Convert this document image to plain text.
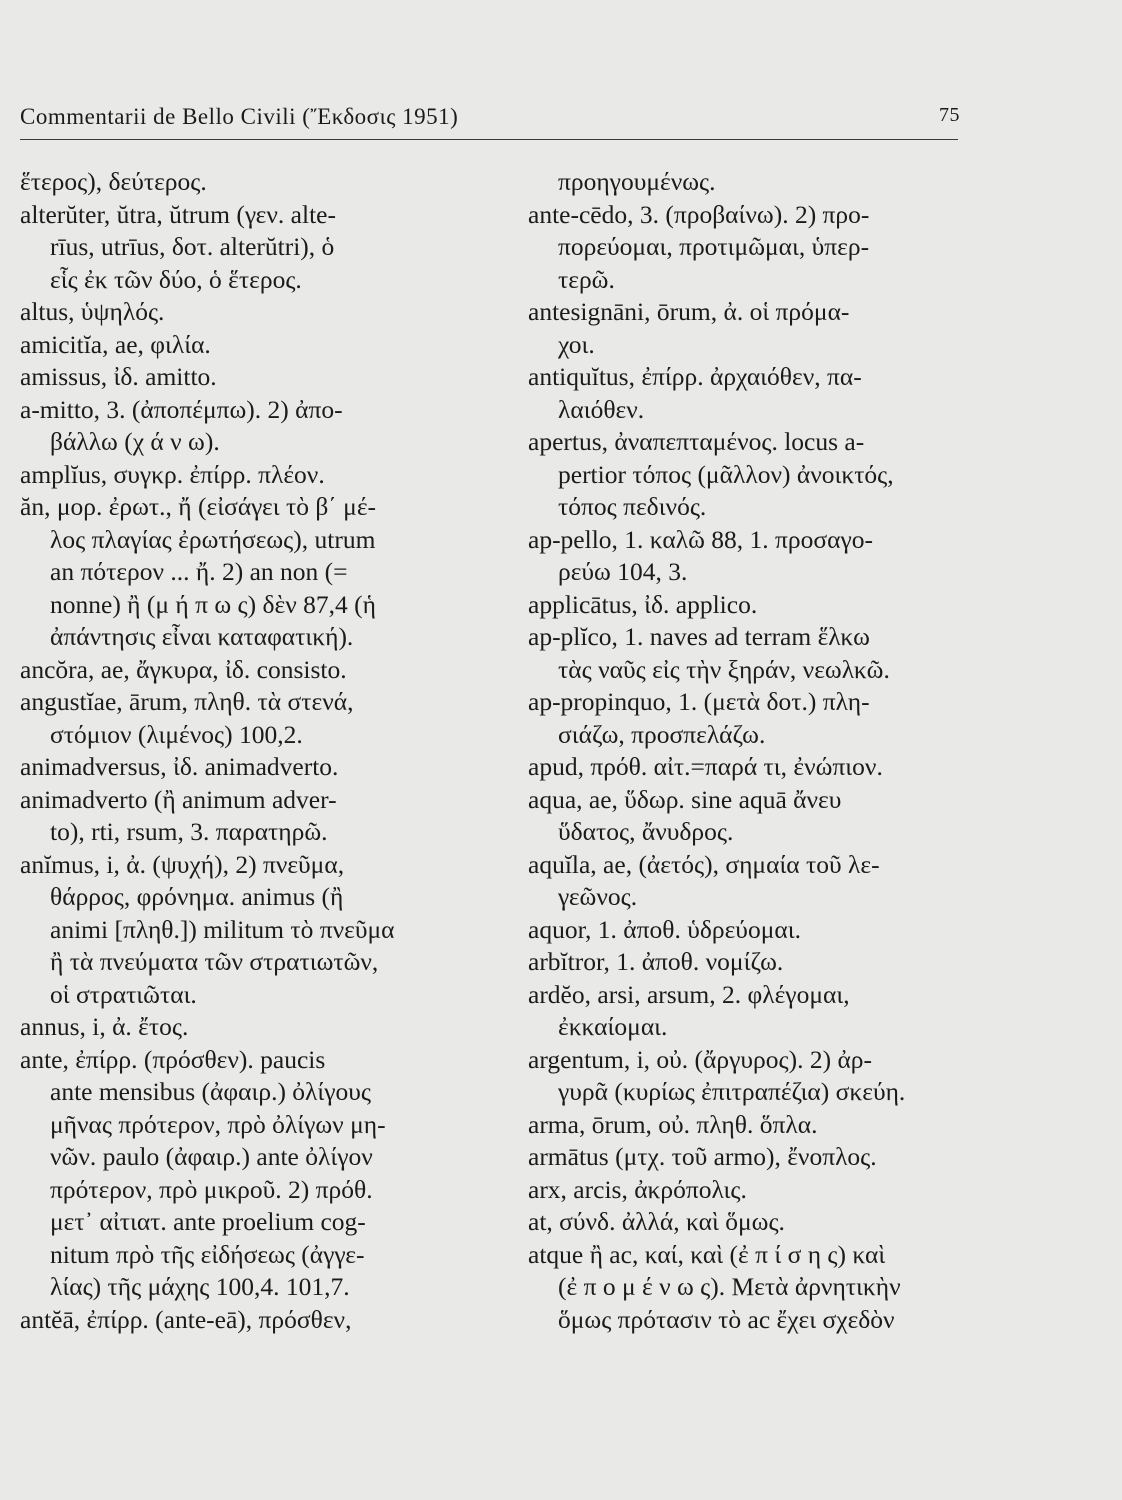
Commentarii de Bello Civili (Ἔκδοσις 1951)	75
ἕτερος), δεύτερος.
alterŭter, ŭtra, ŭtrum (γεν. alte-
rīus, utrīus, δοτ. alterŭtri), ὁ
εἷς ἐκ τῶν δύο, ὁ ἕτερος.
altus, ὑψηλός.
amicitĭa, ae, φιλία.
amissus, ἰδ. amitto.
a-mitto, 3. (ἀποπέμπω). 2) ἀπο-
βάλλω (χ ά ν ω).
amplĭus, συγκρ. ἐπίρρ. πλέον.
ăn, μορ. ἐρωτ., ἤ (εἰσάγει τὸ β΄ μέ-
λος πλαγίας ἐρωτήσεως), utrum
an πότερον ... ἤ. 2) an non (=
nonne) ἢ (μ ή π ω ς) δὲν 87,4 (ἡ
ἀπάντησις εἶναι καταφατική).
ancŏra, ae, ἄγκυρα, ἰδ. consisto.
angustĭae, ārum, πληθ. τὰ στενά,
στόμιον (λιμένος) 100,2.
animadversus, ἰδ. animadverto.
animadverto (ἢ animum adver-
to), rti, rsum, 3. παρατηρῶ.
anĭmus, i, ἀ. (ψυχή), 2) πνεῦμα,
θάρρος, φρόνημα. animus (ἢ
animi [πληθ.]) militum τὸ πνεῦμα
ἢ τὰ πνεύματα τῶν στρατιωτῶν,
οἱ στρατιῶται.
annus, i, ἀ. ἔτος.
ante, ἐπίρρ. (πρόσθεν). paucis
ante mensibus (ἀφαιρ.) ὀλίγους
μῆνας πρότερον, πρὸ ὀλίγων μη-
νῶν. paulo (ἀφαιρ.) ante ὀλίγον
πρότερον, πρὸ μικροῦ. 2) πρόθ.
μετ᾽ αἰτιατ. ante proelium cog-
nitum πρὸ τῆς εἰδήσεως (ἀγγε-
λίας) τῆς μάχης 100,4. 101,7.
antĕā, ἐπίρρ. (ante-eā), πρόσθεν,
προηγουμένως.
ante-cēdo, 3. (προβαίνω). 2) προ-
πορεύομαι, προτιμῶμαι, ὑπερ-
τερῶ.
antesignāni, ōrum, ἀ. οἱ πρόμα-
χοι.
antiquĭtus, ἐπίρρ. ἀρχαιόθεν, πα-
λαιόθεν.
apertus, ἀναπεπταμένος. locus a-
pertior τόπος (μᾶλλον) ἀνοικτός,
τόπος πεδινός.
ap-pello, 1. καλῶ 88, 1. προσαγο-
ρεύω 104, 3.
applicātus, ἰδ. applico.
ap-plĭco, 1. naves ad terram ἕλκω
τὰς ναῦς εἰς τὴν ξηράν, νεωλκῶ.
ap-propinquo, 1. (μετὰ δοτ.) πλη-
σιάζω, προσπελάζω.
apud, πρόθ. αἰτ.=παρά τι, ἐνώπιον.
aqua, ae, ὕδωρ. sine aquā ἄνευ
ὕδατος, ἄνυδρος.
aquĭla, ae, (ἀετός), σημαία τοῦ λε-
γεῶνος.
aquor, 1. ἀποθ. ὑδρεύομαι.
arbĭtror, 1. ἀποθ. νομίζω.
ardĕo, arsi, arsum, 2. φλέγομαι,
ἐκκαίομαι.
argentum, i, οὐ. (ἄργυρος). 2) ἀρ-
γυρᾶ (κυρίως ἐπιτραπέζια) σκεύη.
arma, ōrum, οὐ. πληθ. ὅπλα.
armātus (μτχ. τοῦ armo), ἔνοπλος.
arx, arcis, ἀκρόπολις.
at, σύνδ. ἀλλά, καὶ ὅμως.
atque ἢ ac, καί, καὶ (ἐ π ί σ η ς) καὶ
(ἐ π ο μ έ ν ω ς). Μετὰ ἀρνητικὴν
ὅμως πρότασιν τὸ ac ἔχει σχεδὸν
